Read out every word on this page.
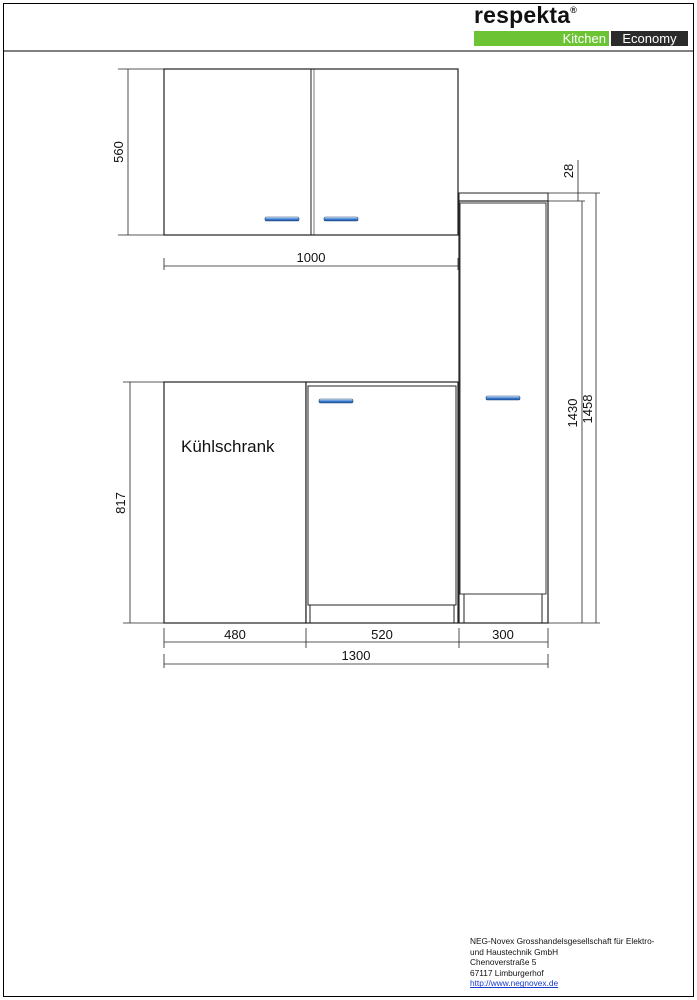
560
1000
Kühlschrank
817
28
1430 1458
480	520	300
1300
respekta®
Kitchen	Economy
NEG-Novex Grosshandelsgesellschaft für Elektro-
und Haustechnik GmbH
Chenoverstraße 5
67117 Limburgerhof
http://www.negnovex.de
